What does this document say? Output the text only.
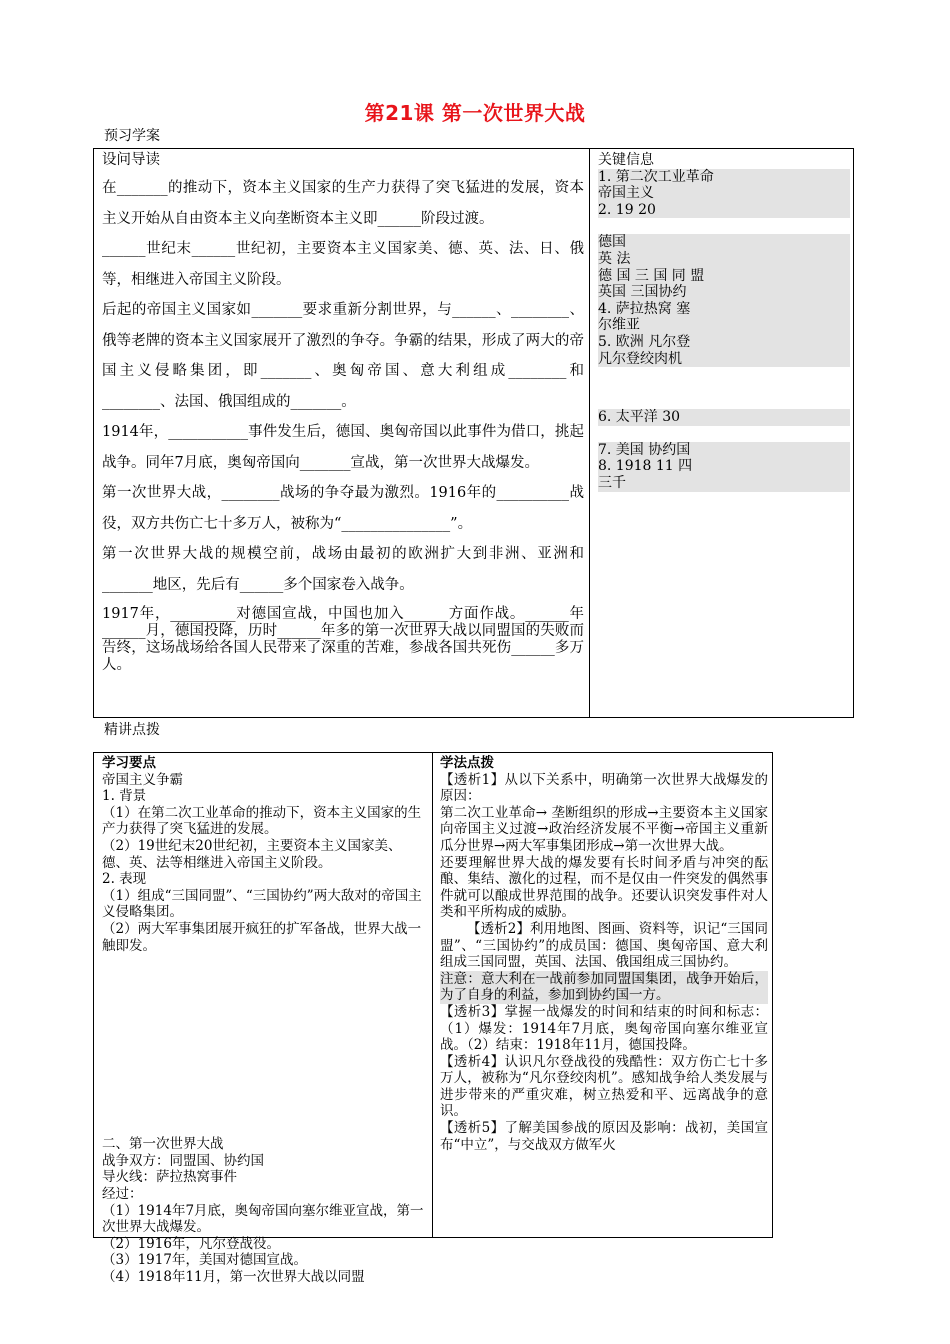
第21课 第一次世界大战
预习学案
设问导读
在_______的推动下，资本主义国家的生产力获得了突飞猛进的发展，资本主义开始从自由资本主义向垄断资本主义即______阶段过渡。
______世纪末______世纪初，主要资本主义国家美、德、英、法、日、俄等，相继进入帝国主义阶段。
后起的帝国主义国家如_______要求重新分割世界，与______、________、俄等老牌的资本主义国家展开了激烈的争夺。争霸的结果，形成了两大的帝国主义侵略集团，即_______、奥匈帝国、意大利组成________和________、法国、俄国组成的_______。
1914年，___________事件发生后，德国、奥匈帝国以此事件为借口，挑起战争。同年7月底，奥匈帝国向_______宣战，第一次世界大战爆发。
第一次世界大战，________战场的争夺最为激烈。1916年的__________战役，双方共伤亡七十多万人，被称为“_______________”。
第一次世界大战的规模空前，战场由最初的欧洲扩大到非洲、亚洲和_______地区，先后有______多个国家卷入战争。
1917年，_________对德国宣战，中国也加入______方面作战。______年______月，德国投降，历时______年多的第一次世界大战以同盟国的失败而告终，这场战场给各国人民带来了深重的苦难，参战各国共死伤______多万人。
关键信息
1. 第二次工业革命
帝国主义
2. 19 20
德国
英 法
德 国 三 国 同 盟
英国 三国协约
4. 萨拉热窝 塞
尔维亚
5. 欧洲 凡尔登
凡尔登绞肉机
6. 太平洋 30
7. 美国 协约国
8. 1918 11 四
三千
精讲点拨
学习要点
帝国主义争霸
1. 背景
（1）在第二次工业革命的推动下，资本主义国家的生产力获得了突飞猛进的发展。
（2）19世纪末20世纪初，主要资本主义国家美、德、英、法等相继进入帝国主义阶段。
2. 表现
（1）组成“三国同盟”、“三国协约”两大敌对的帝国主义侵略集团。
（2）两大军事集团展开疯狂的扩军备战，世界大战一触即发。
二、第一次世界大战
战争双方：同盟国、协约国
导火线：萨拉热窝事件
经过：
（1）1914年7月底，奥匈帝国向塞尔维亚宣战，第一次世界大战爆发。
（2）1916年，凡尔登战役。
（3）1917年，美国对德国宣战。
（4）1918年11月，第一次世界大战以同盟
学法点拨
【透析1】从以下关系中，明确第一次世界大战爆发的原因：
第二次工业革命→ 垄断组织的形成→主要资本主义国家向帝国主义过渡→政治经济发展不平衡→帝国主义重新瓜分世界→两大军事集团形成→第一次世界大战。
还要理解世界大战的爆发要有长时间矛盾与冲突的酝酿、集结、激化的过程，而不是仅由一件突发的偶然事件就可以酿成世界范围的战争。还要认识突发事件对人类和平所构成的威胁。
【透析2】利用地图、图画、资料等，识记“三国同盟”、“三国协约”的成员国：德国、奥匈帝国、意大利组成三国同盟，英国、法国、俄国组成三国协约。
注意：意大利在一战前参加同盟国集团，战争开始后，为了自身的利益，参加到协约国一方。
【透析3】掌握一战爆发的时间和结束的时间和标志：（1）爆发：1914年7月底，奥匈帝国向塞尔维亚宣战。（2）结束：1918年11月，德国投降。
【透析4】认识凡尔登战役的残酷性：双方伤亡七十多万人，被称为“凡尔登绞肉机”。感知战争给人类发展与进步带来的严重灾难，树立热爱和平、远离战争的意识。
【透析5】了解美国参战的原因及影响：战初，美国宣布“中立”，与交战双方做军火
